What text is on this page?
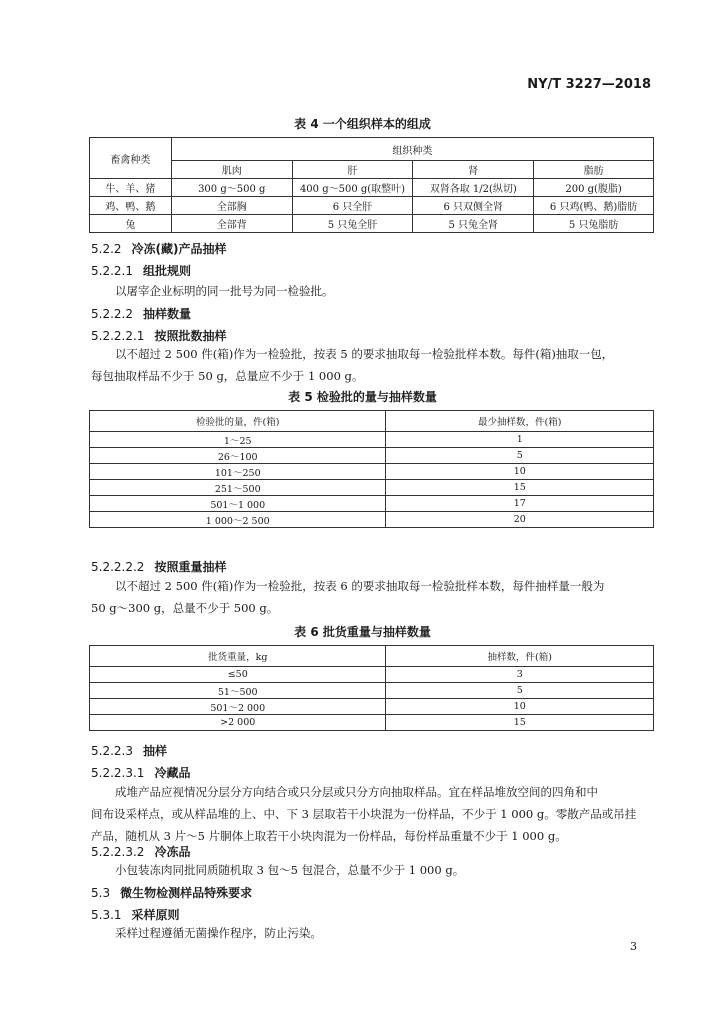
NY/T 3227—2018
表 4 一个组织样本的组成
畜禽种类	组织种类			
	肌肉	肝	肾	脂肪
牛、羊、猪	300 g～500 g	400 g～500 g(取整叶)	双肾各取 1/2(纵切)	200 g(腹脂)
鸡、鸭、鹅	全部胸	6 只全肝	6 只双侧全肾	6 只鸡(鸭、鹅)脂肪
兔	全部背	5 只兔全肝	5 只兔全肾	5 只兔脂肪
5.2.2 冷冻(藏)产品抽样
5.2.2.1 组批规则
以屠宰企业标明的同一批号为同一检验批。
5.2.2.2 抽样数量
5.2.2.2.1 按照批数抽样
以不超过 2 500 件(箱)作为一检验批，按表 5 的要求抽取每一检验批样本数。每件(箱)抽取一包，
每包抽取样品不少于 50 g，总量应不少于 1 000 g。
表 5 检验批的量与抽样数量
检验批的量，件(箱)	最少抽样数，件(箱)
1～25	1
26～100	5
101～250	10
251～500	15
501～1 000	17
1 000～2 500	20
5.2.2.2.2 按照重量抽样
以不超过 2 500 件(箱)作为一检验批，按表 6 的要求抽取每一检验批样本数，每件抽样量一般为
50 g～300 g，总量不少于 500 g。
表 6 批货重量与抽样数量
批货重量，kg	抽样数，件(箱)
≤50	3
51～500	5
501～2 000	10
>2 000	15
5.2.2.3 抽样
5.2.2.3.1 冷藏品
成堆产品应视情况分层分方向结合或只分层或只分方向抽取样品。宜在样品堆放空间的四角和中
间布设采样点，或从样品堆的上、中、下 3 层取若干小块混为一份样品，不少于 1 000 g。零散产品或吊挂
产品，随机从 3 片～5 片胴体上取若干小块肉混为一份样品，每份样品重量不少于 1 000 g。
5.2.2.3.2 冷冻品
小包装冻肉同批同质随机取 3 包～5 包混合，总量不少于 1 000 g。
5.3 微生物检测样品特殊要求
5.3.1 采样原则
采样过程遵循无菌操作程序，防止污染。
3
